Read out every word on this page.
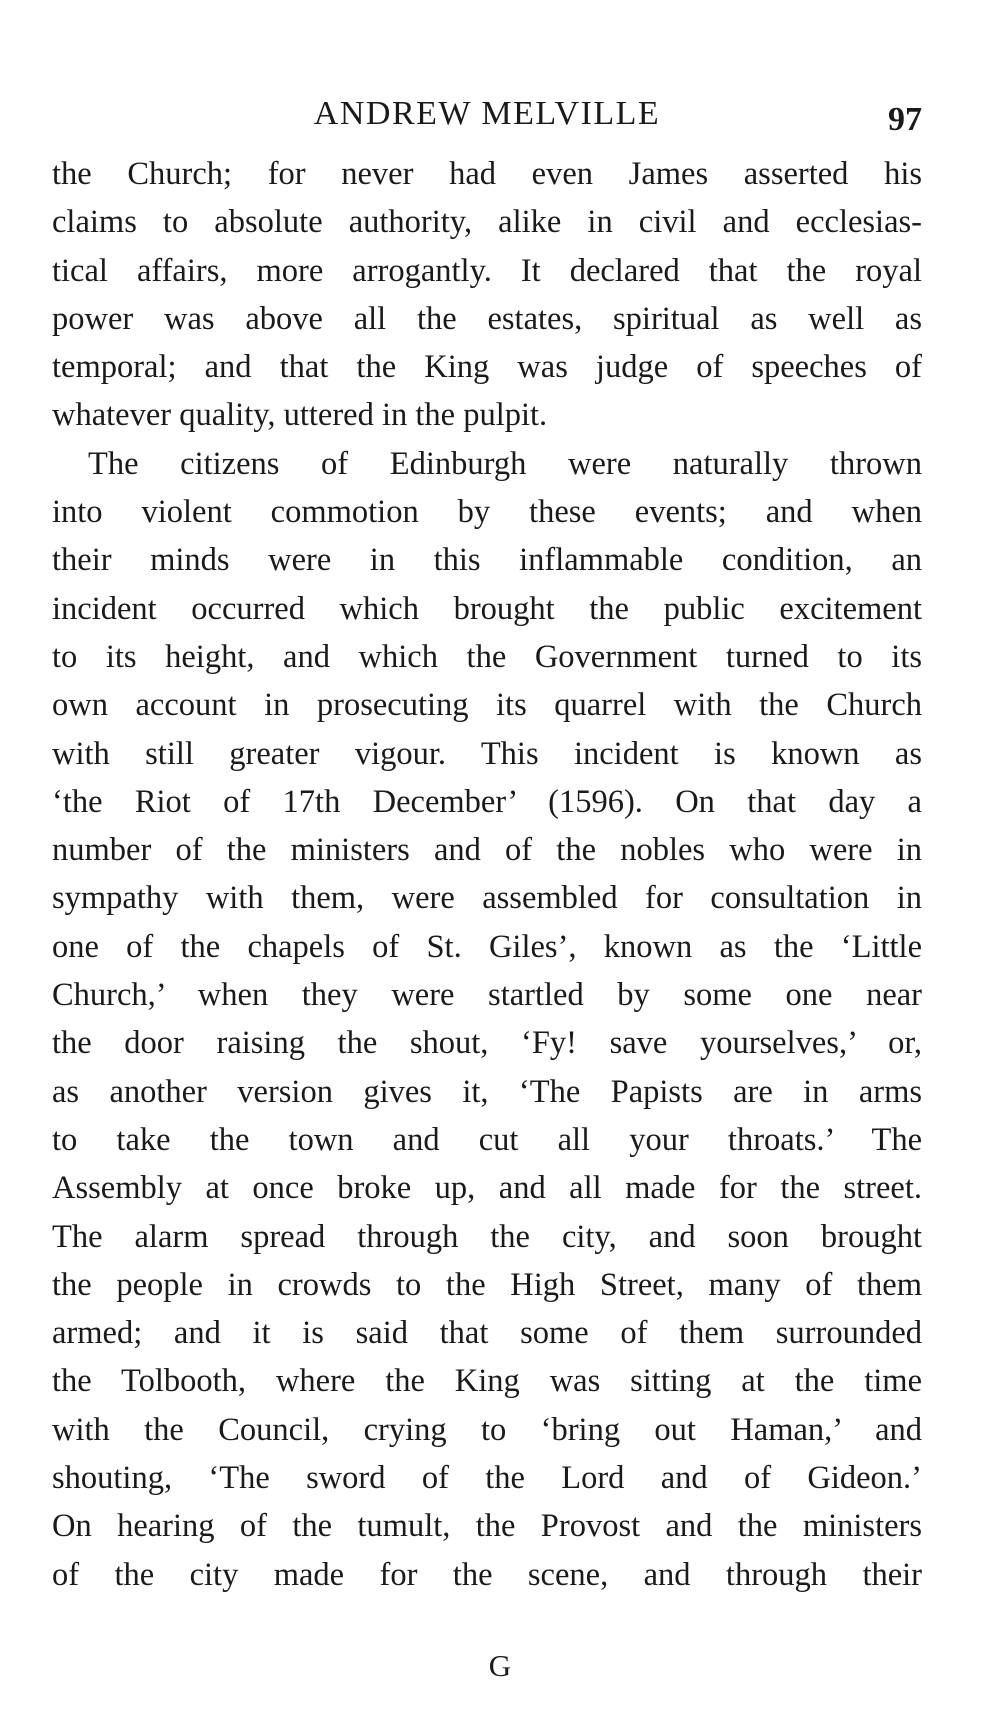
ANDREW MELVILLE	97
the Church; for never had even James asserted his
claims to absolute authority, alike in civil and ecclesias-
tical affairs, more arrogantly. It declared that the royal
power was above all the estates, spiritual as well as
temporal; and that the King was judge of speeches of
whatever quality, uttered in the pulpit.
The citizens of Edinburgh were naturally thrown
into violent commotion by these events; and when
their minds were in this inflammable condition, an
incident occurred which brought the public excitement
to its height, and which the Government turned to its
own account in prosecuting its quarrel with the Church
with still greater vigour. This incident is known as
‘the Riot of 17th December’ (1596). On that day a
number of the ministers and of the nobles who were in
sympathy with them, were assembled for consultation in
one of the chapels of St. Giles’, known as the ‘Little
Church,’ when they were startled by some one near
the door raising the shout, ‘Fy! save yourselves,’ or,
as another version gives it, ‘The Papists are in arms
to take the town and cut all your throats.’ The
Assembly at once broke up, and all made for the street.
The alarm spread through the city, and soon brought
the people in crowds to the High Street, many of them
armed; and it is said that some of them surrounded
the Tolbooth, where the King was sitting at the time
with the Council, crying to ‘bring out Haman,’ and
shouting, ‘The sword of the Lord and of Gideon.’
On hearing of the tumult, the Provost and the ministers
of the city made for the scene, and through their
G
